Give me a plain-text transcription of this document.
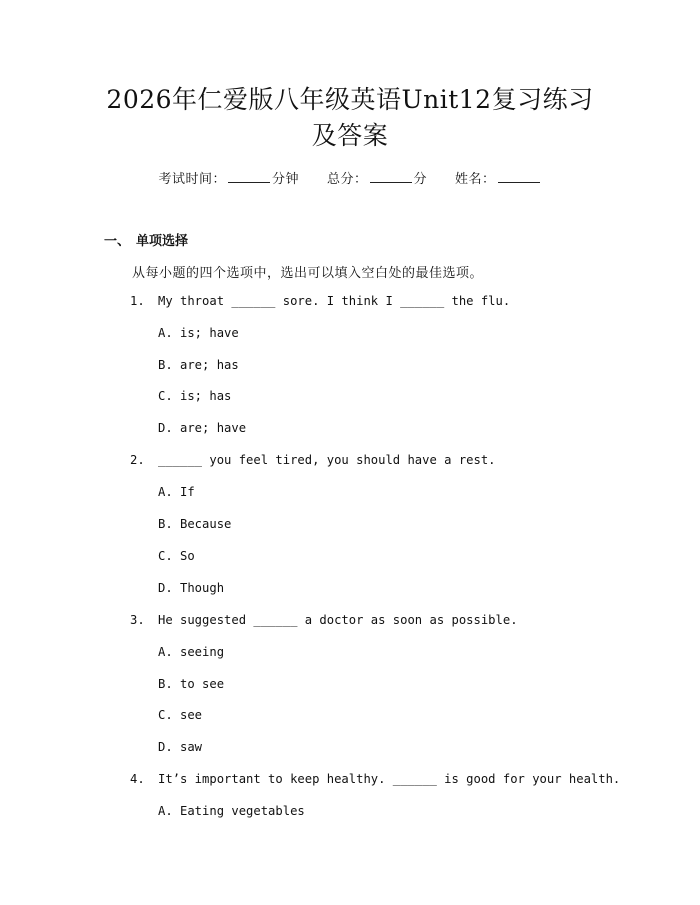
2026年仁爱版八年级英语Unit12复习练习
及答案
考试时间：	分钟 总分：	分 姓名：
一、 单项选择
从每小题的四个选项中，选出可以填入空白处的最佳选项。
1. My throat ______ sore. I think I ______ the flu.
A. is; have
B. are; has
C. is; has
D. are; have
2. ______ you feel tired, you should have a rest.
A. If
B. Because
C. So
D. Though
3. He suggested ______ a doctor as soon as possible.
A. seeing
B. to see
C. see
D. saw
4. It’s important to keep healthy. ______ is good for your health.
A. Eating vegetables
